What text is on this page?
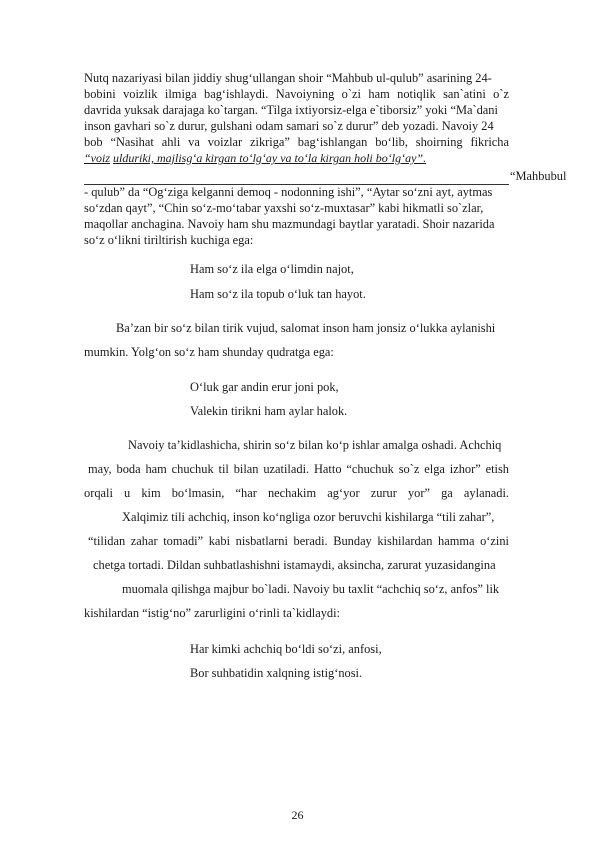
Nutq nazariyasi bilan jiddiy shug‘ullangan shoir “Mahbub ul-qulub” asarining 24-
bobini voizlik ilmiga bag‘ishlaydi. Navoiyning o`zi ham notiqlik san`atini o`z
davrida yuksak darajaga ko`targan. “Tilga ixtiyorsiz-elga e`tiborsiz” yoki “Ma`dani
inson gavhari so`z durur, gulshani odam samari so`z durur” deb yozadi. Navoiy 24
bob “Nasihat ahli va voizlar zikriga” bag‘ishlangan bo‘lib, shoirning fikricha
“voiz ulduriki, majlisg‘a kirgan to‘lg‘ay va to‘la kirgan holi bo‘lg‘ay”.
“Mahbubul
- qulub” da “Og‘ziga kelganni demoq - nodonning ishi”, “Aytar so‘zni ayt, aytmas
so‘zdan qayt”, “Chin so‘z-mo‘tabar yaxshi so‘z-muxtasar” kabi hikmatli so`zlar,
maqollar anchagina. Navoiy ham shu mazmundagi baytlar yaratadi. Shoir nazarida
so‘z o‘likni tiriltirish kuchiga ega:
Ham so‘z ila elga o‘limdin najot,
Ham so‘z ila topub o‘luk tan hayot.
Ba’zan bir so‘z bilan tirik vujud, salomat inson ham jonsiz o‘lukka aylanishi
mumkin. Yolg‘on so‘z ham shunday qudratga ega:
O‘luk gar andin erur joni pok,
Valekin tirikni ham aylar halok.
Navoiy ta’kidlashicha, shirin so‘z bilan ko‘p ishlar amalga oshadi. Achchiq
may, boda ham chuchuk til bilan uzatiladi. Hatto “chuchuk so`z elga izhor” etish
orqali u kim bo‘lmasin, “har nechakim ag‘yor zurur yor” ga aylanadi.
Xalqimiz tili achchiq, inson ko‘ngliga ozor beruvchi kishilarga “tili zahar”,
“tilidan zahar tomadi” kabi nisbatlarni beradi. Bunday kishilardan hamma o‘zini
chetga tortadi. Dildan suhbatlashishni istamaydi, aksincha, zarurat yuzasidangina
muomala qilishga majbur bo`ladi. Navoiy bu taxlit “achchiq so‘z, anfos” lik
kishilardan “istig‘no” zarurligini o‘rinli ta`kidlaydi:
Har kimki achchiq bo‘ldi so‘zi, anfosi,
Bor suhbatidin xalqning istig‘nosi.
26
